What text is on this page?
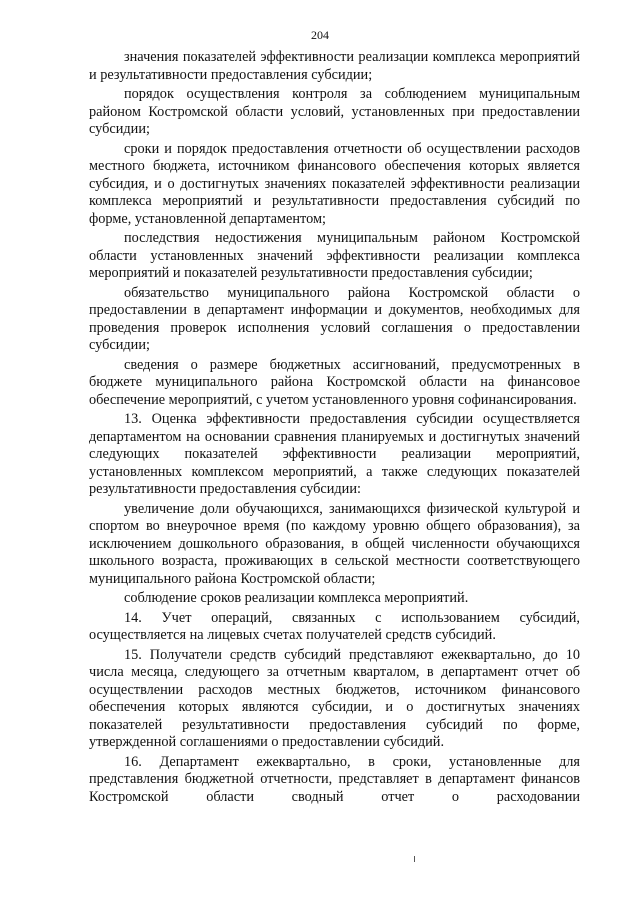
204

значения показателей эффективности реализации комплекса мероприятий и результативности предоставления субсидии;

порядок осуществления контроля за соблюдением муниципальным районом Костромской области условий, установленных при предоставлении субсидии;

сроки и порядок предоставления отчетности об осуществлении расходов местного бюджета, источником финансового обеспечения которых является субсидия, и о достигнутых значениях показателей эффективности реализации комплекса мероприятий и результативности предоставления субсидий по форме, установленной департаментом;

последствия недостижения муниципальным районом Костромской области установленных значений эффективности реализации комплекса мероприятий и показателей результативности предоставления субсидии;

обязательство муниципального района Костромской области о предоставлении в департамент информации и документов, необходимых для проведения проверок исполнения условий соглашения о предоставлении субсидии;

сведения о размере бюджетных ассигнований, предусмотренных в бюджете муниципального района Костромской области на финансовое обеспечение мероприятий, с учетом установленного уровня софинансирования.

13. Оценка эффективности предоставления субсидии осуществляется департаментом на основании сравнения планируемых и достигнутых значений следующих показателей эффективности реализации мероприятий, установленных комплексом мероприятий, а также следующих показателей результативности предоставления субсидии:

увеличение доли обучающихся, занимающихся физической культурой и спортом во внеурочное время (по каждому уровню общего образования), за исключением дошкольного образования, в общей численности обучающихся школьного возраста, проживающих в сельской местности соответствующего муниципального района Костромской области;

соблюдение сроков реализации комплекса мероприятий.

14. Учет операций, связанных с использованием субсидий, осуществляется на лицевых счетах получателей средств субсидий.

15. Получатели средств субсидий представляют ежеквартально, до 10 числа месяца, следующего за отчетным кварталом, в департамент отчет об осуществлении расходов местных бюджетов, источником финансового обеспечения которых являются субсидии, и о достигнутых значениях показателей результативности предоставления субсидий по форме, утвержденной соглашениями о предоставлении субсидий.

16. Департамент ежеквартально, в сроки, установленные для представления бюджетной отчетности, представляет в департамент финансов Костромской области сводный отчет о расходовании
